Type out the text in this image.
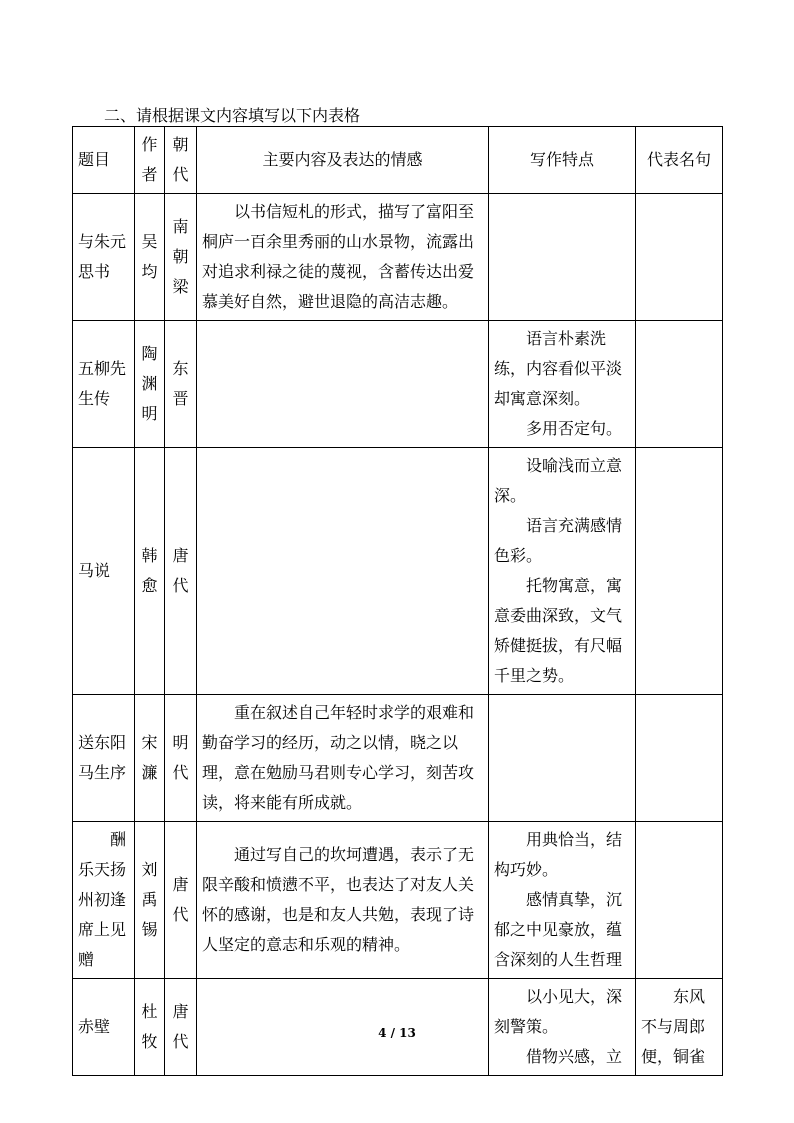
二、请根据课文内容填写以下内表格
题目	作者	朝代	主要内容及表达的情感	写作特点	代表名句

与朱元思书	吴均	南朝梁	以书信短札的形式，描写了富阳至桐庐一百余里秀丽的山水景物，流露出对追求利禄之徒的蔑视，含蓄传达出爱慕美好自然，避世退隐的高洁志趣。		

五柳先生传	陶渊明	东晋		语言朴素洗练，内容看似平淡却寓意深刻。
多用否定句。	

马说	韩愈	唐代		设喻浅而立意深。
语言充满感情色彩。
托物寓意，寓意委曲深致，文气矫健挺拔，有尺幅千里之势。	

送东阳马生序	宋濂	明代	重在叙述自己年轻时求学的艰难和勤奋学习的经历，动之以情，晓之以理，意在勉励马君则专心学习，刻苦攻读，将来能有所成就。		

酬乐天扬州初逢席上见赠	刘禹锡	唐代	通过写自己的坎坷遭遇，表示了无限辛酸和愤懑不平，也表达了对友人关怀的感谢，也是和友人共勉，表现了诗人坚定的意志和乐观的精神。	用典恰当，结构巧妙。
感情真挚，沉郁之中见豪放，蕴含深刻的人生哲理	

赤壁	杜牧	唐代		以小见大，深刻警策。
借物兴感，立	东风不与周郎便，铜雀
4 / 13
